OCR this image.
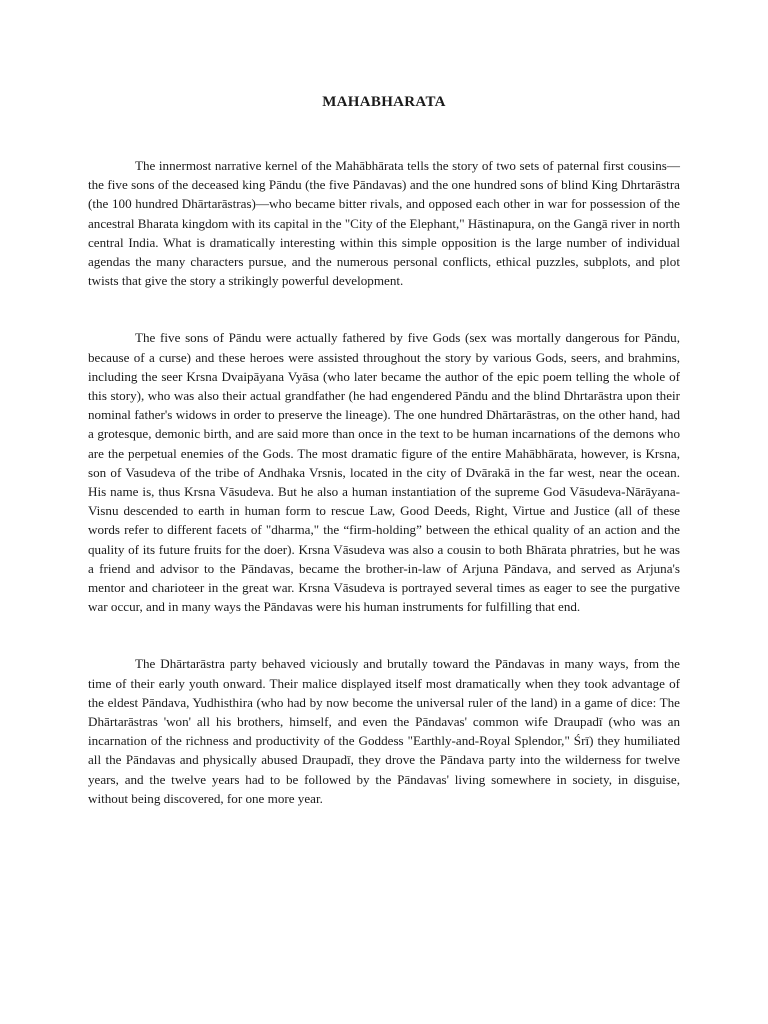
MAHABHARATA

The innermost narrative kernel of the Mahābhārata tells the story of two sets of paternal first cousins—the five sons of the deceased king Pāndu (the five Pāndavas) and the one hundred sons of blind King Dhrtarāstra (the 100 hundred Dhārtarāstras)—who became bitter rivals, and opposed each other in war for possession of the ancestral Bharata kingdom with its capital in the "City of the Elephant," Hāstinapura, on the Gangā river in north central India. What is dramatically interesting within this simple opposition is the large number of individual agendas the many characters pursue, and the numerous personal conflicts, ethical puzzles, subplots, and plot twists that give the story a strikingly powerful development.

The five sons of Pāndu were actually fathered by five Gods (sex was mortally dangerous for Pāndu, because of a curse) and these heroes were assisted throughout the story by various Gods, seers, and brahmins, including the seer Krsna Dvaipāyana Vyāsa (who later became the author of the epic poem telling the whole of this story), who was also their actual grandfather (he had engendered Pāndu and the blind Dhrtarāstra upon their nominal father's widows in order to preserve the lineage). The one hundred Dhārtarāstras, on the other hand, had a grotesque, demonic birth, and are said more than once in the text to be human incarnations of the demons who are the perpetual enemies of the Gods. The most dramatic figure of the entire Mahābhārata, however, is Krsna, son of Vasudeva of the tribe of Andhaka Vrsnis, located in the city of Dvārakā in the far west, near the ocean. His name is, thus Krsna Vāsudeva. But he also a human instantiation of the supreme God Vāsudeva-Nārāyana-Visnu descended to earth in human form to rescue Law, Good Deeds, Right, Virtue and Justice (all of these words refer to different facets of "dharma," the “firm-holding” between the ethical quality of an action and the quality of its future fruits for the doer). Krsna Vāsudeva was also a cousin to both Bhārata phratries, but he was a friend and advisor to the Pāndavas, became the brother-in-law of Arjuna Pāndava, and served as Arjuna's mentor and charioteer in the great war. Krsna Vāsudeva is portrayed several times as eager to see the purgative war occur, and in many ways the Pāndavas were his human instruments for fulfilling that end.

The Dhārtarāstra party behaved viciously and brutally toward the Pāndavas in many ways, from the time of their early youth onward. Their malice displayed itself most dramatically when they took advantage of the eldest Pāndava, Yudhisthira (who had by now become the universal ruler of the land) in a game of dice: The Dhārtarāstras 'won' all his brothers, himself, and even the Pāndavas' common wife Draupadī (who was an incarnation of the richness and productivity of the Goddess "Earthly-and-Royal Splendor," Śrī) they humiliated all the Pāndavas and physically abused Draupadī, they drove the Pāndava party into the wilderness for twelve years, and the twelve years had to be followed by the Pāndavas' living somewhere in society, in disguise, without being discovered, for one more year.
